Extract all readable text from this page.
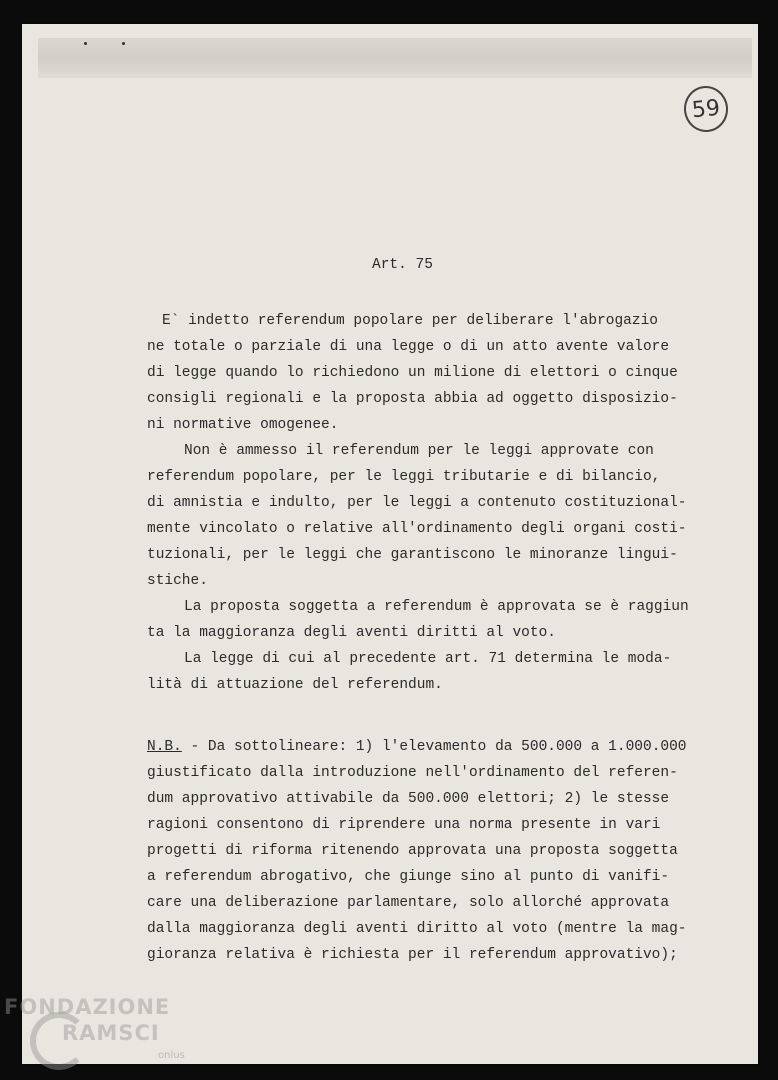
59
Art. 75
E` indetto referendum popolare per deliberare l'abrogazio
ne totale o parziale di una legge o di un atto avente valore
di legge quando lo richiedono un milione di elettori o cinque
consigli regionali e la proposta abbia ad oggetto disposizio-
ni normative omogenee.
Non è ammesso il referendum per le leggi approvate con
referendum popolare, per le leggi tributarie e di bilancio,
di amnistia e indulto, per le leggi a contenuto costituzional-
mente vincolato o relative all'ordinamento degli organi costi-
tuzionali, per le leggi che garantiscono le minoranze lingui-
stiche.
La proposta soggetta a referendum è approvata se è raggiun
ta la maggioranza degli aventi diritti al voto.
La legge di cui al precedente art. 71 determina le moda-
lità di attuazione del referendum.
N.B. - Da sottolineare: 1) l'elevamento da 500.000 a 1.000.000
giustificato dalla introduzione nell'ordinamento del referen-
dum approvativo attivabile da 500.000 elettori; 2) le stesse
ragioni consentono di riprendere una norma presente in vari
progetti di riforma ritenendo approvata una proposta soggetta
a referendum abrogativo, che giunge sino al punto di vanifi-
care una deliberazione parlamentare, solo allorché approvata
dalla maggioranza degli aventi diritto al voto (mentre la mag-
gioranza relativa è richiesta per il referendum approvativo);
FONDAZIONE
RAMSCI
onlus
